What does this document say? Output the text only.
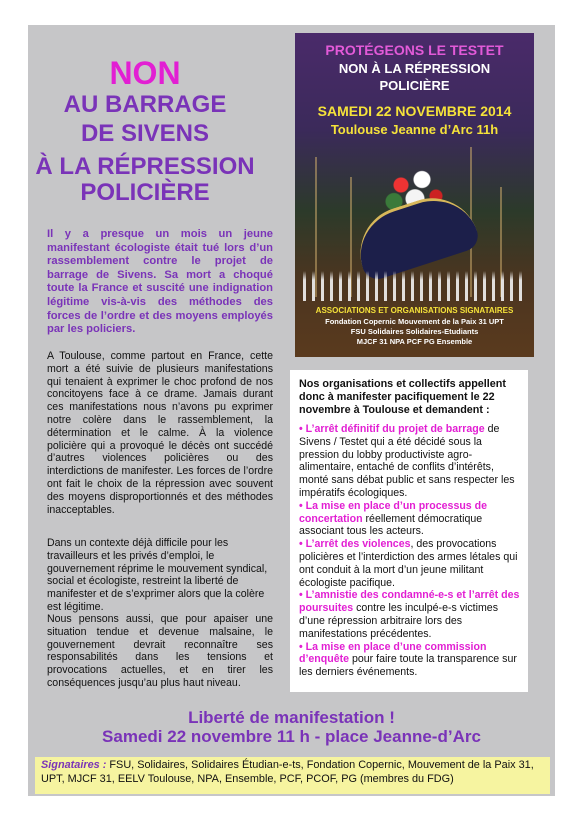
NON
AU BARRAGE
DE SIVENS
À LA RÉPRESSION
POLICIÈRE

Il y a presque un mois un jeune manifestant écologiste était tué lors d’un rassemblement contre le projet de barrage de Sivens. Sa mort a choqué toute la France et suscité une indignation légitime vis-à-vis des méthodes des forces de l’ordre et des moyens employés par les policiers.

A Toulouse, comme partout en France, cette mort a été suivie de plusieurs manifestations qui tenaient à exprimer le choc profond de nos concitoyens face à ce drame. Jamais durant ces manifestations nous n’avons pu exprimer notre colère dans le rassemblement, la détermination et le calme. À la violence policière qui a provoqué le décès ont succédé d’autres violences policières ou des interdictions de manifester. Les forces de l’ordre ont fait le choix de la répression avec souvent des moyens disproportionnés et des méthodes inacceptables.

Dans un contexte déjà difficile pour les travailleurs et les privés d’emploi, le gouvernement réprime le mouvement syndical, social et écologiste, restreint la liberté de manifester et de s’exprimer alors que la colère est légitime.

Nous pensons aussi, que pour apaiser une situation tendue et devenue malsaine, le gouvernement devrait reconnaître ses responsabilités dans les tensions et provocations actuelles, et en tirer les conséquences jusqu’au plus haut niveau.

PROTÉGEONS LE TESTET
NON À LA RÉPRESSION
POLICIÈRE
SAMEDI 22 NOVEMBRE 2014
Toulouse Jeanne d’Arc 11h
ASSOCIATIONS ET ORGANISATIONS SIGNATAIRES
Fondation Copernic Mouvement de la Paix 31 UPT
FSU Solidaires Solidaires-Etudiants
MJCF 31 NPA PCF PG Ensemble

Nos organisations et collectifs appellent donc à manifester pacifiquement le 22 novembre à Toulouse et demandent :

• L’arrêt définitif du projet de barrage de Sivens / Testet qui a été décidé sous la pression du lobby productiviste agro-alimentaire, entaché de conflits d’intérêts, monté sans débat public et sans respecter les impératifs écologiques.
• La mise en place d’un processus de concertation réellement démocratique associant tous les acteurs.
• L’arrêt des violences, des provocations policières et l’interdiction des armes létales qui ont conduit à la mort d’un jeune militant écologiste pacifique.
• L’amnistie des condamné-e-s et l’arrêt des poursuites contre les inculpé-e-s victimes d’une répression arbitraire lors des manifestations précédentes.
• La mise en place d’une commission d’enquête pour faire toute la transparence sur les derniers événements.
Liberté de manifestation !
Samedi 22 novembre 11 h - place Jeanne-d’Arc

Signataires : FSU, Solidaires, Solidaires Étudian-e-ts, Fondation Copernic, Mouvement de la Paix 31, UPT, MJCF 31, EELV Toulouse, NPA, Ensemble, PCF, PCOF, PG (membres du FDG)
